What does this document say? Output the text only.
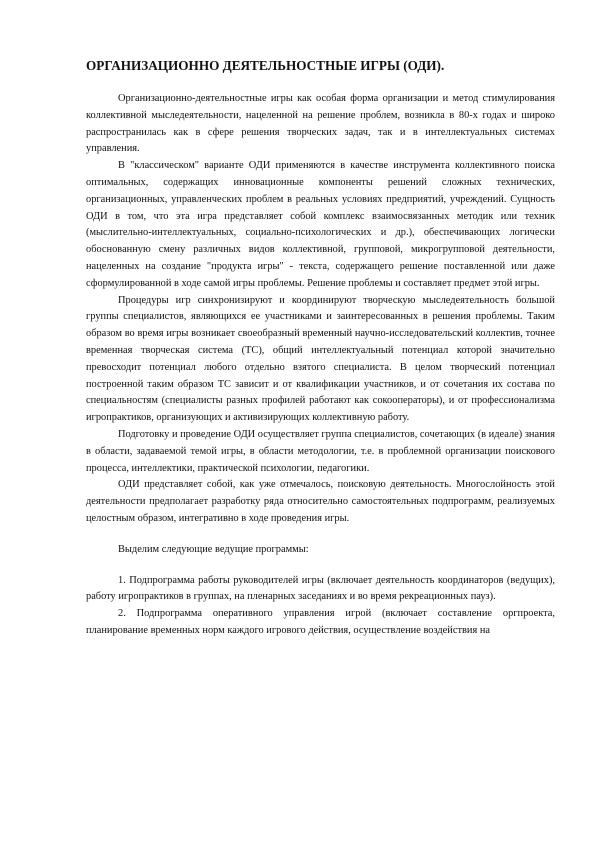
ОРГАНИЗАЦИОННО ДЕЯТЕЛЬНОСТНЫЕ ИГРЫ (ОДИ).

Организационно-деятельностные игры как особая форма организации и метод стимулирования коллективной мыследеятельности, нацеленной на решение проблем, возникла в 80-х годах и широко распространилась как в сфере решения творческих задач, так и в интеллектуальных системах управления.

В "классическом" варианте ОДИ применяются в качестве инструмента коллективного поиска оптимальных, содержащих инновационные компоненты решений сложных технических, организационных, управленческих проблем в реальных условиях предприятий, учреждений. Сущность ОДИ в том, что эта игра представляет собой комплекс взаимосвязанных методик или техник (мыслительно-интеллектуальных, социально-психологических и др.), обеспечивающих логически обоснованную смену различных видов коллективной, групповой, микрогрупповой деятельности, нацеленных на создание "продукта игры" - текста, содержащего решение поставленной или даже сформулированной в ходе самой игры проблемы. Решение проблемы и составляет предмет этой игры.

Процедуры игр синхронизируют и координируют творческую мыследеятельность большой группы специалистов, являющихся ее участниками и заинтересованных в решения проблемы. Таким образом во время игры возникает своеобразный временный научно-исследовательский коллектив, точнее временная творческая система (ТС), общий интеллектуальный потенциал которой значительно превосходит потенциал любого отдельно взятого специалиста. В целом творческий потенциал построенной таким образом ТС зависит и от квалификации участников, и от сочетания их состава по специальностям (специалисты разных профилей работают как сокооператоры), и от профессионализма игропрактиков, организующих и активизирующих коллективную работу.

Подготовку и проведение ОДИ осуществляет группа специалистов, сочетающих (в идеале) знания в области, задаваемой темой игры, в области методологии, т.е. в проблемной организации поискового процесса, интеллектики, практической психологии, педагогики.

ОДИ представляет собой, как уже отмечалось, поисковую деятельность. Многослойность этой деятельности предполагает разработку ряда относительно самостоятельных подпрограмм, реализуемых целостным образом, интегративно в ходе проведения игры.

Выделим следующие ведущие программы:

1. Подпрограмма работы руководителей игры (включает деятельность координаторов (ведущих), работу игропрактиков в группах, на пленарных заседаниях и во время рекреационных пауз).

2. Подпрограмма оперативного управления игрой (включает составление оргпроекта, планирование временных норм каждого игрового действия, осуществление воздействия на
